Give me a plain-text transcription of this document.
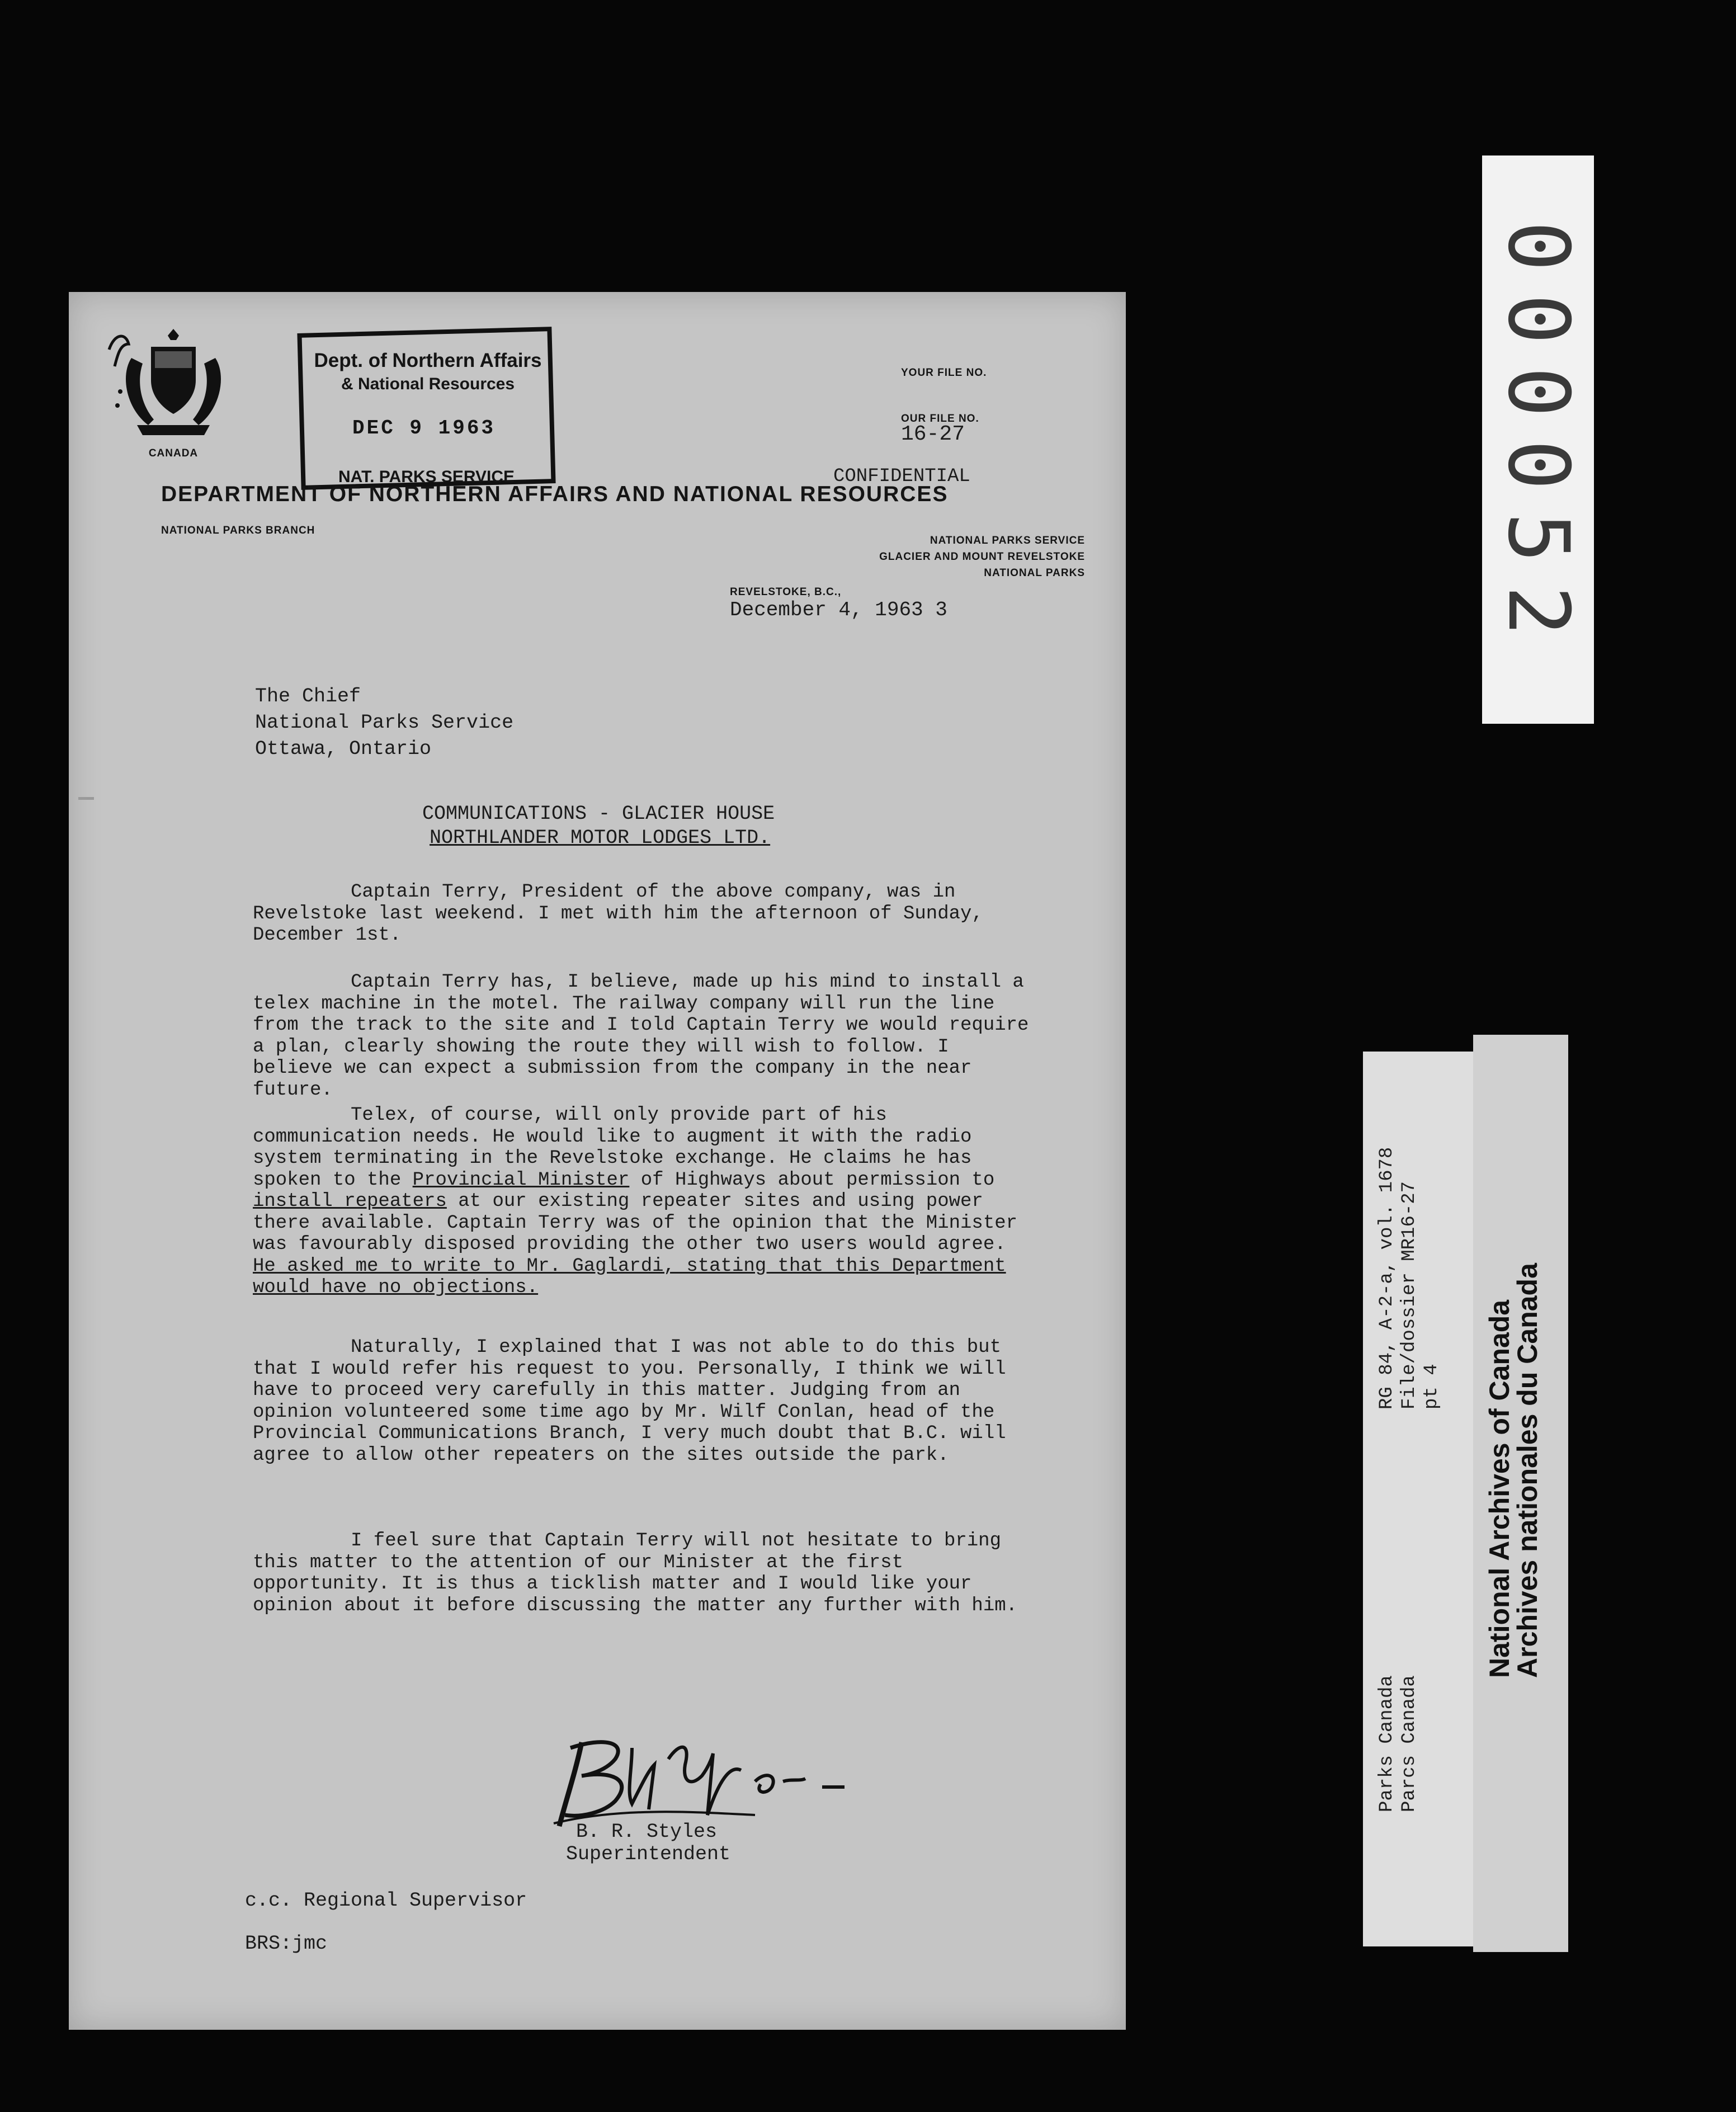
CANADA
Dept. of Northern Affairs
& National Resources
DEC 9 1963
NAT. PARKS SERVICE
DEPARTMENT OF NORTHERN AFFAIRS AND NATIONAL RESOURCES
NATIONAL PARKS BRANCH
YOUR FILE NO.
OUR FILE NO.
16-27
CONFIDENTIAL
NATIONAL PARKS SERVICE
GLACIER AND MOUNT REVELSTOKE
NATIONAL PARKS
REVELSTOKE, B.C.,
December 4, 1963 3
The Chief
National Parks Service
Ottawa, Ontario
COMMUNICATIONS - GLACIER HOUSE
NORTHLANDER MOTOR LODGES LTD.
Captain Terry, President of the above company, was in Revelstoke last weekend. I met with him the afternoon of Sunday, December 1st.
Captain Terry has, I believe, made up his mind to install a telex machine in the motel. The railway company will run the line from the track to the site and I told Captain Terry we would require a plan, clearly showing the route they will wish to follow. I believe we can expect a submission from the company in the near future.
Telex, of course, will only provide part of his communication needs. He would like to augment it with the radio system terminating in the Revelstoke exchange. He claims he has spoken to the Provincial Minister of Highways about permission to install repeaters at our existing repeater sites and using power there available. Captain Terry was of the opinion that the Minister was favourably disposed providing the other two users would agree. He asked me to write to Mr. Gaglardi, stating that this Department would have no objections.
Naturally, I explained that I was not able to do this but that I would refer his request to you. Personally, I think we will have to proceed very carefully in this matter. Judging from an opinion volunteered some time ago by Mr. Wilf Conlan, head of the Provincial Communications Branch, I very much doubt that B.C. will agree to allow other repeaters on the sites outside the park.
I feel sure that Captain Terry will not hesitate to bring this matter to the attention of our Minister at the first opportunity. It is thus a ticklish matter and I would like your opinion about it before discussing the matter any further with him.
B. R. Styles
Superintendent
c.c. Regional Supervisor
BRS:jmc
000052
RG 84, A-2-a, vol. 1678
File/dossier MR16-27
pt 4
Parks Canada
Parcs Canada
National Archives of Canada
Archives nationales du Canada
